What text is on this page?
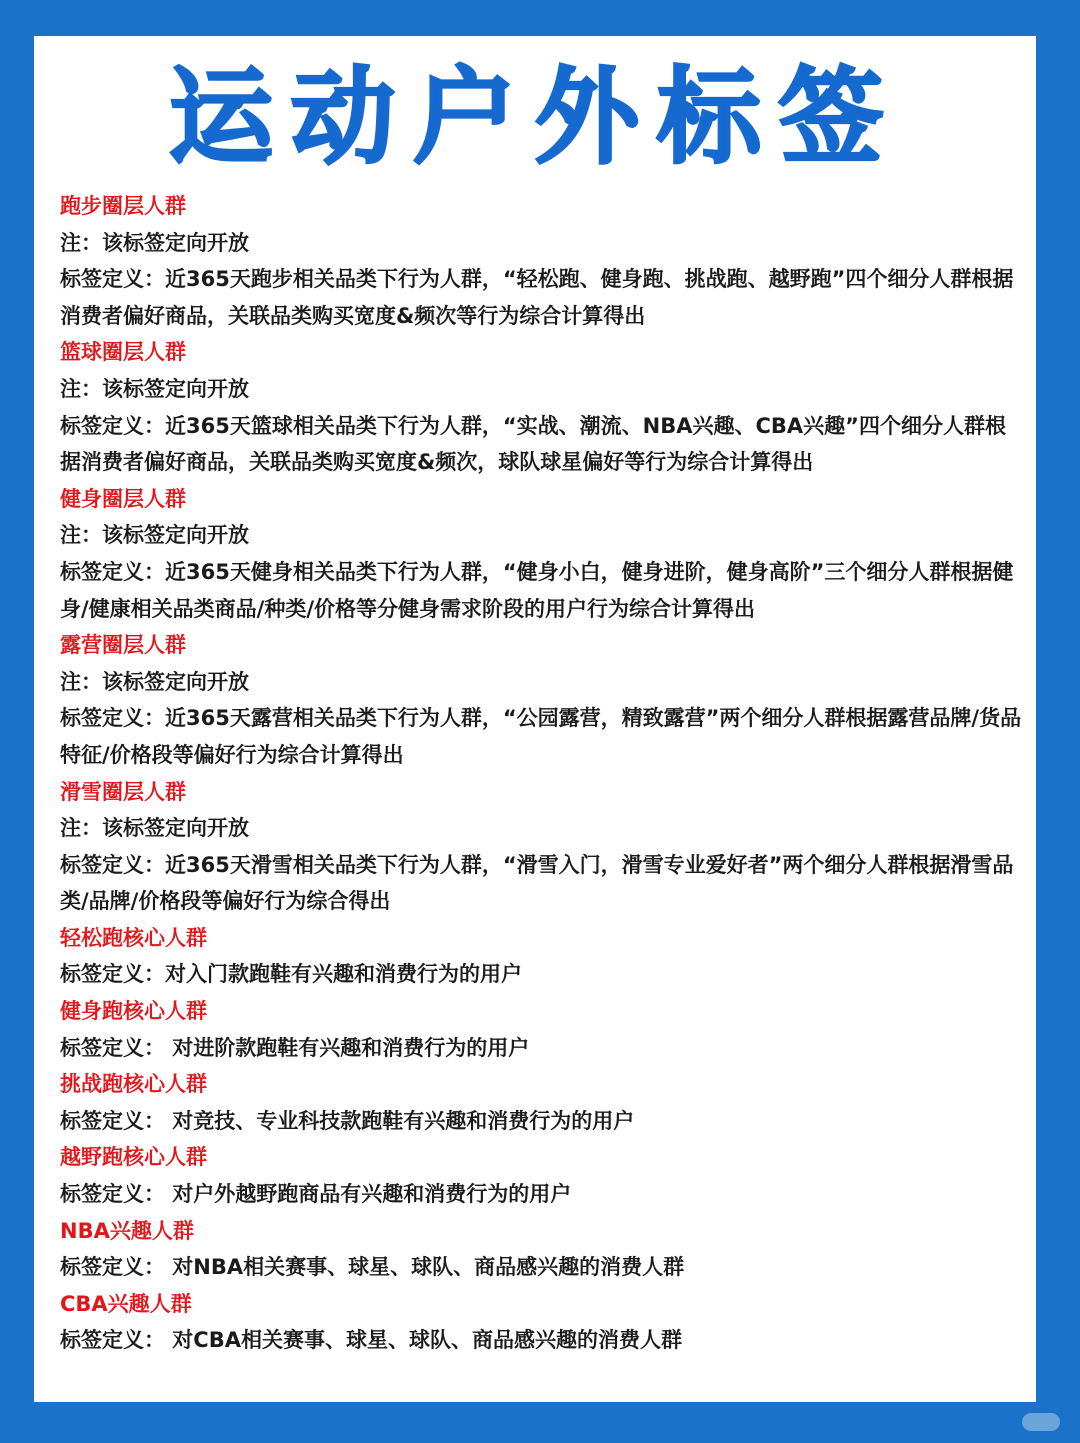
运动户外标签
跑步圈层人群
注：该标签定向开放
标签定义：近365天跑步相关品类下行为人群，“轻松跑、健身跑、挑战跑、越野跑”四个细分人群根据消费者偏好商品，关联品类购买宽度&频次等行为综合计算得出
篮球圈层人群
注：该标签定向开放
标签定义：近365天篮球相关品类下行为人群，“实战、潮流、NBA兴趣、CBA兴趣”四个细分人群根据消费者偏好商品，关联品类购买宽度&频次，球队球星偏好等行为综合计算得出
健身圈层人群
注：该标签定向开放
标签定义：近365天健身相关品类下行为人群，“健身小白，健身进阶，健身高阶”三个细分人群根据健身/健康相关品类商品/种类/价格等分健身需求阶段的用户行为综合计算得出
露营圈层人群
注：该标签定向开放
标签定义：近365天露营相关品类下行为人群，“公园露营，精致露营”两个细分人群根据露营品牌/货品特征/价格段等偏好行为综合计算得出
滑雪圈层人群
注：该标签定向开放
标签定义：近365天滑雪相关品类下行为人群，“滑雪入门，滑雪专业爱好者”两个细分人群根据滑雪品类/品牌/价格段等偏好行为综合得出
轻松跑核心人群
标签定义：对入门款跑鞋有兴趣和消费行为的用户
健身跑核心人群
标签定义： 对进阶款跑鞋有兴趣和消费行为的用户
挑战跑核心人群
标签定义： 对竞技、专业科技款跑鞋有兴趣和消费行为的用户
越野跑核心人群
标签定义： 对户外越野跑商品有兴趣和消费行为的用户
NBA兴趣人群
标签定义： 对NBA相关赛事、球星、球队、商品感兴趣的消费人群
CBA兴趣人群
标签定义： 对CBA相关赛事、球星、球队、商品感兴趣的消费人群
